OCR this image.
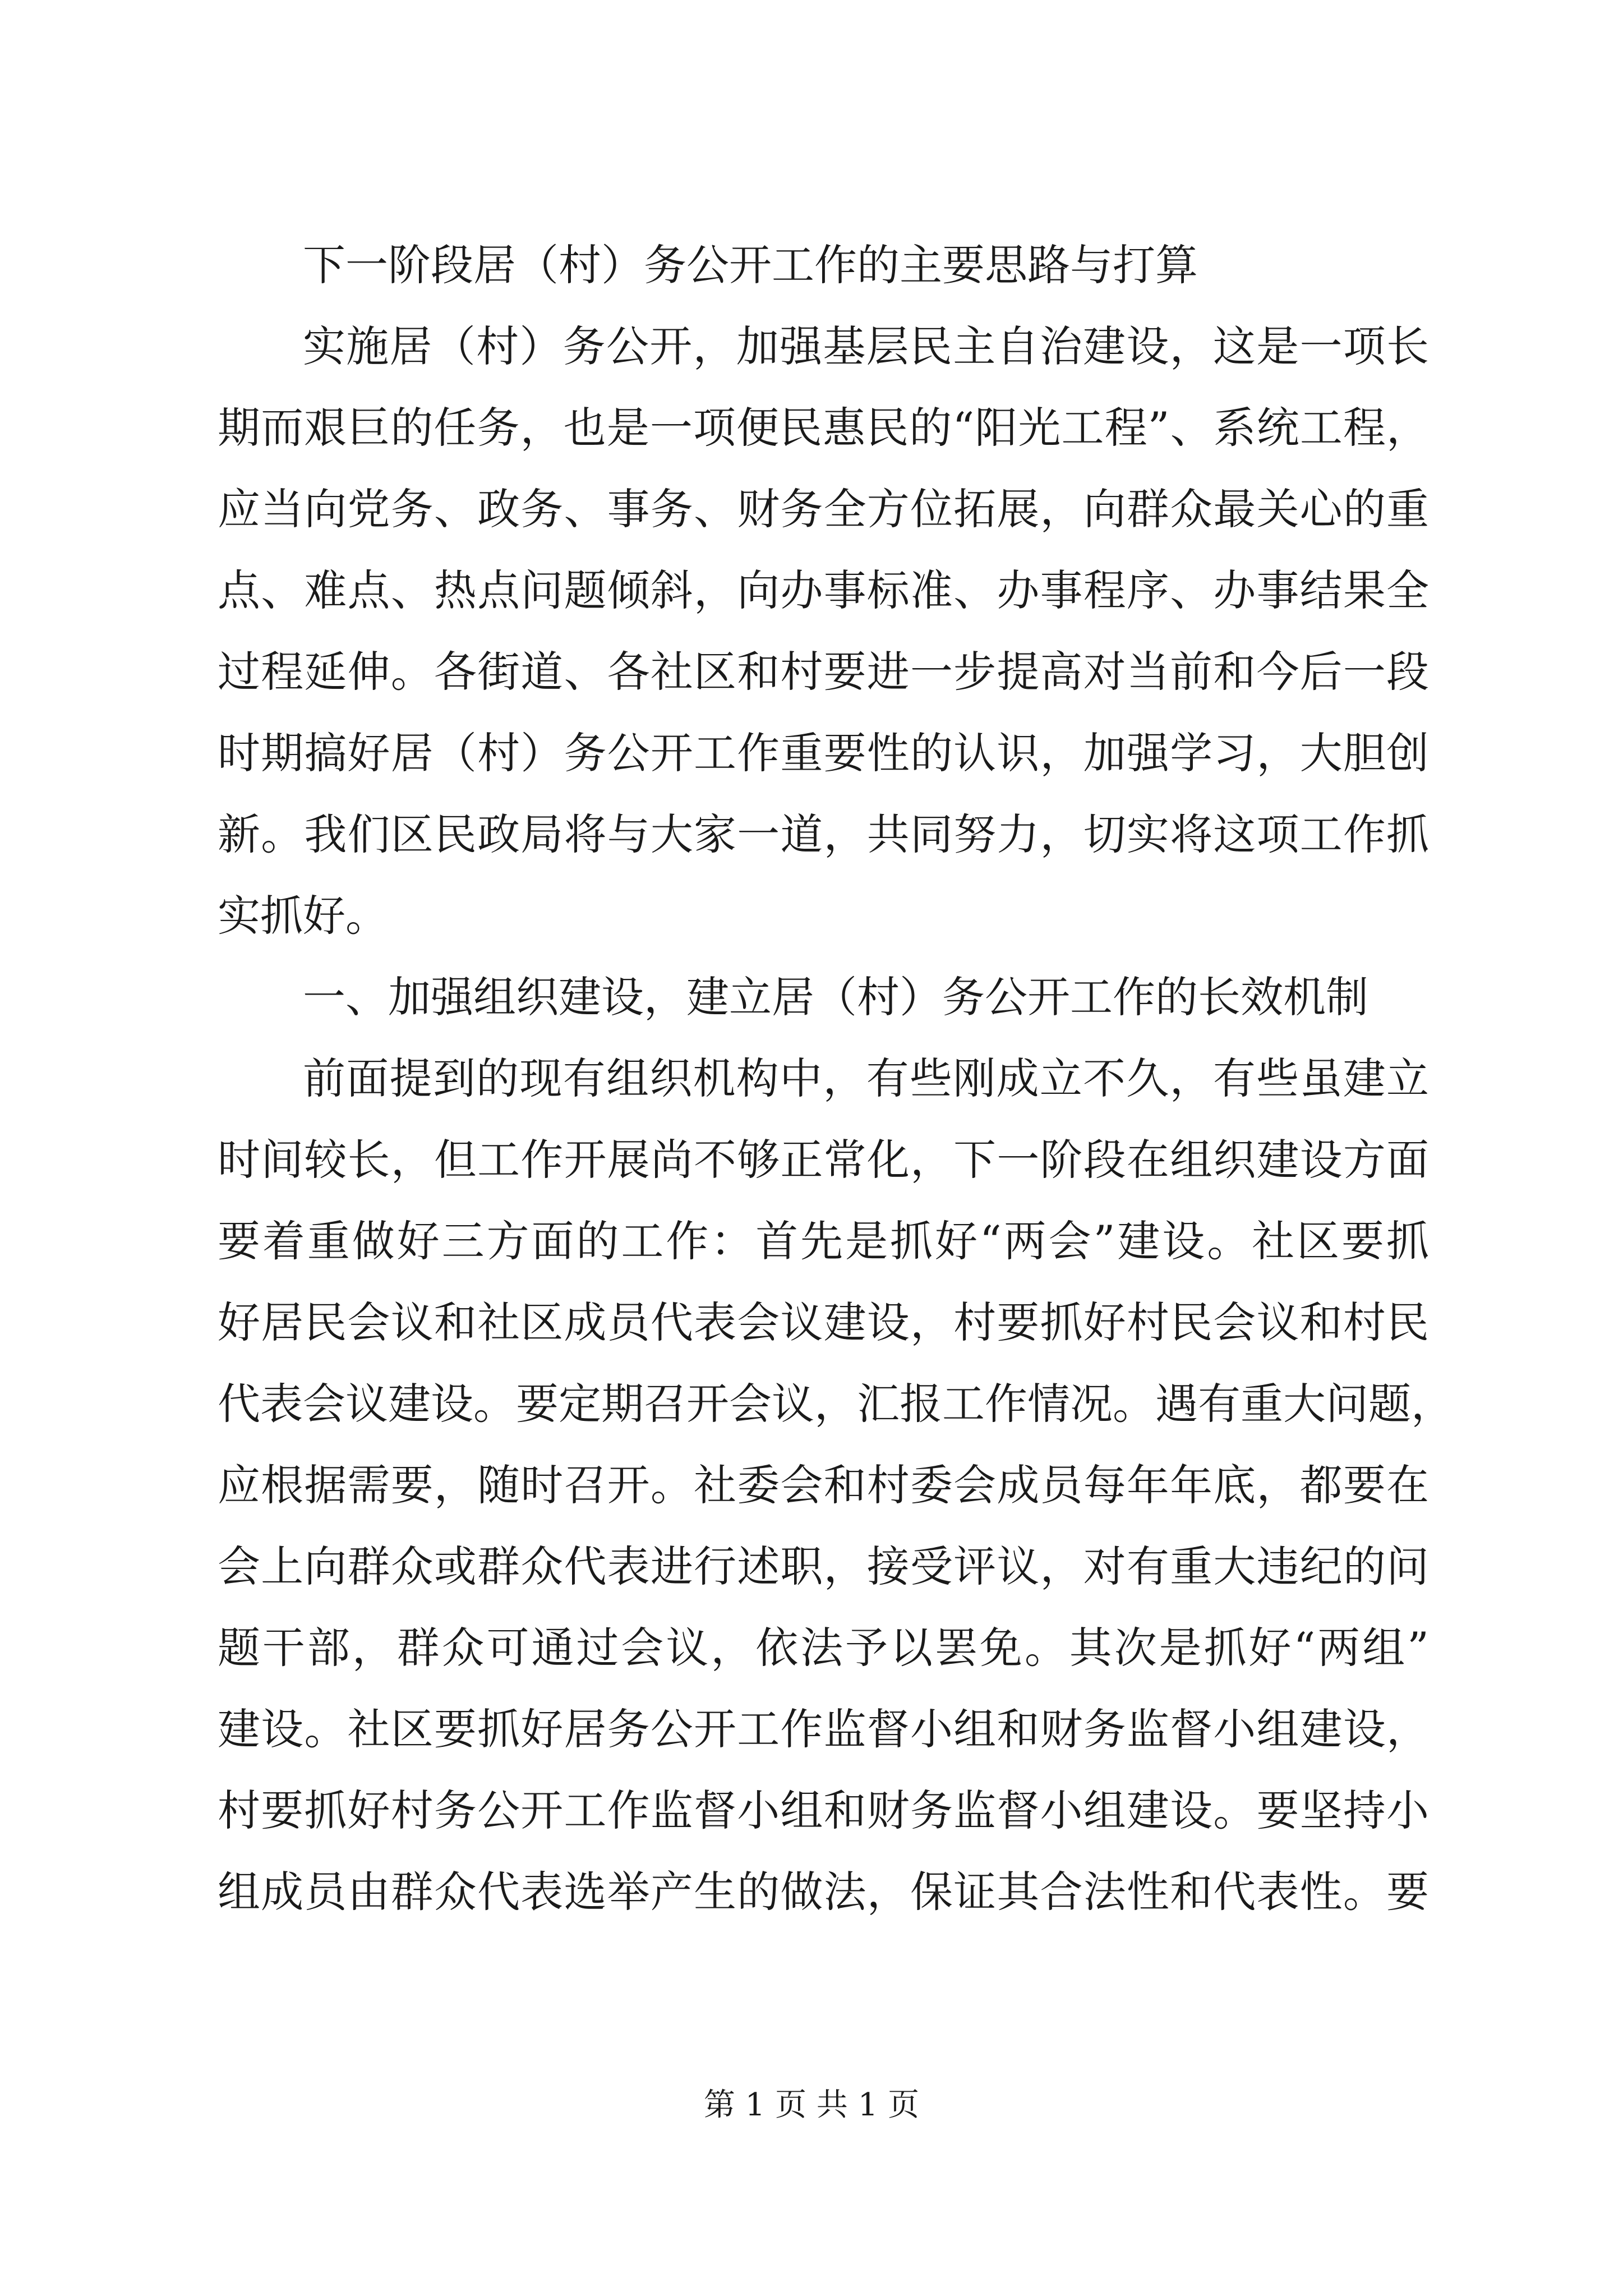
下一阶段居（村）务公开工作的主要思路与打算
实施居（村）务公开，加强基层民主自治建设，这是一项长
期而艰巨的任务，也是一项便民惠民的“阳光工程”、系统工程，
应当向党务、政务、事务、财务全方位拓展，向群众最关心的重
点、难点、热点问题倾斜，向办事标准、办事程序、办事结果全
过程延伸。各街道、各社区和村要进一步提高对当前和今后一段
时期搞好居（村）务公开工作重要性的认识，加强学习，大胆创
新。我们区民政局将与大家一道，共同努力，切实将这项工作抓
实抓好。
一、加强组织建设，建立居（村）务公开工作的长效机制
前面提到的现有组织机构中，有些刚成立不久，有些虽建立
时间较长，但工作开展尚不够正常化，下一阶段在组织建设方面
要着重做好三方面的工作：首先是抓好“两会”建设。社区要抓
好居民会议和社区成员代表会议建设，村要抓好村民会议和村民
代表会议建设。要定期召开会议，汇报工作情况。遇有重大问题，
应根据需要，随时召开。社委会和村委会成员每年年底，都要在
会上向群众或群众代表进行述职，接受评议，对有重大违纪的问
题干部，群众可通过会议，依法予以罢免。其次是抓好“两组”
建设。社区要抓好居务公开工作监督小组和财务监督小组建设，
村要抓好村务公开工作监督小组和财务监督小组建设。要坚持小
组成员由群众代表选举产生的做法，保证其合法性和代表性。要
第 1 页 共 1 页
